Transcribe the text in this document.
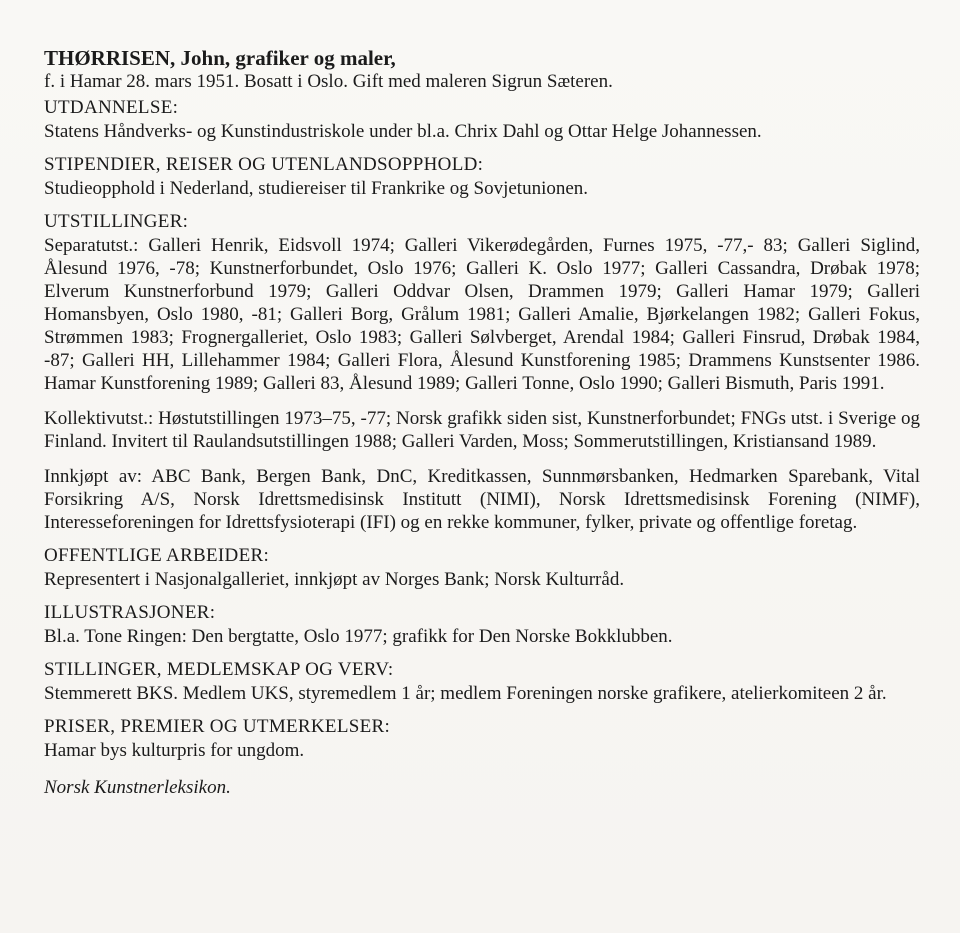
THØRRISEN, John, grafiker og maler,

f. i Hamar 28. mars 1951. Bosatt i Oslo. Gift med maleren Sigrun Sæteren.

UTDANNELSE:

Statens Håndverks- og Kunstindustriskole under bl.a. Chrix Dahl og Ottar Helge Johannessen.

STIPENDIER, REISER OG UTENLANDSOPPHOLD:

Studieopphold i Nederland, studiereiser til Frankrike og Sovjetunionen.

UTSTILLINGER:

Separatutst.: Galleri Henrik, Eidsvoll 1974; Galleri Vikerødegården, Furnes 1975, -77,- 83; Galleri Siglind, Ålesund 1976, -78; Kunstnerforbundet, Oslo 1976; Galleri K. Oslo 1977; Galleri Cassandra, Drøbak 1978; Elverum Kunstnerforbund 1979; Galleri Oddvar Olsen, Drammen 1979; Galleri Hamar 1979; Galleri Homansbyen, Oslo 1980, -81; Galleri Borg, Grålum 1981; Galleri Amalie, Bjørkelangen 1982; Galleri Fokus, Strømmen 1983; Frognergalleriet, Oslo 1983; Galleri Sølvberget, Arendal 1984; Galleri Finsrud, Drøbak 1984, -87; Galleri HH, Lillehammer 1984; Galleri Flora, Ålesund Kunstforening 1985; Drammens Kunstsenter 1986. Hamar Kunstforening 1989; Galleri 83, Ålesund 1989; Galleri Tonne, Oslo 1990; Galleri Bismuth, Paris 1991.

Kollektivutst.: Høstutstillingen 1973–75, -77; Norsk grafikk siden sist, Kunstnerforbundet; FNGs utst. i Sverige og Finland. Invitert til Raulandsutstillingen 1988; Galleri Varden, Moss; Sommerutstillingen, Kristiansand 1989.

Innkjøpt av: ABC Bank, Bergen Bank, DnC, Kreditkassen, Sunnmørsbanken, Hedmarken Sparebank, Vital Forsikring A/S, Norsk Idrettsmedisinsk Institutt (NIMI), Norsk Idrettsmedisinsk Forening (NIMF), Interesseforeningen for Idrettsfysioterapi (IFI) og en rekke kommuner, fylker, private og offentlige foretag.

OFFENTLIGE ARBEIDER:

Representert i Nasjonalgalleriet, innkjøpt av Norges Bank; Norsk Kulturråd.

ILLUSTRASJONER:

Bl.a. Tone Ringen: Den bergtatte, Oslo 1977; grafikk for Den Norske Bokklubben.

STILLINGER, MEDLEMSKAP OG VERV:

Stemmerett BKS. Medlem UKS, styremedlem 1 år; medlem Foreningen norske grafikere, atelierkomiteen 2 år.

PRISER, PREMIER OG UTMERKELSER:

Hamar bys kulturpris for ungdom.

Norsk Kunstnerleksikon.
